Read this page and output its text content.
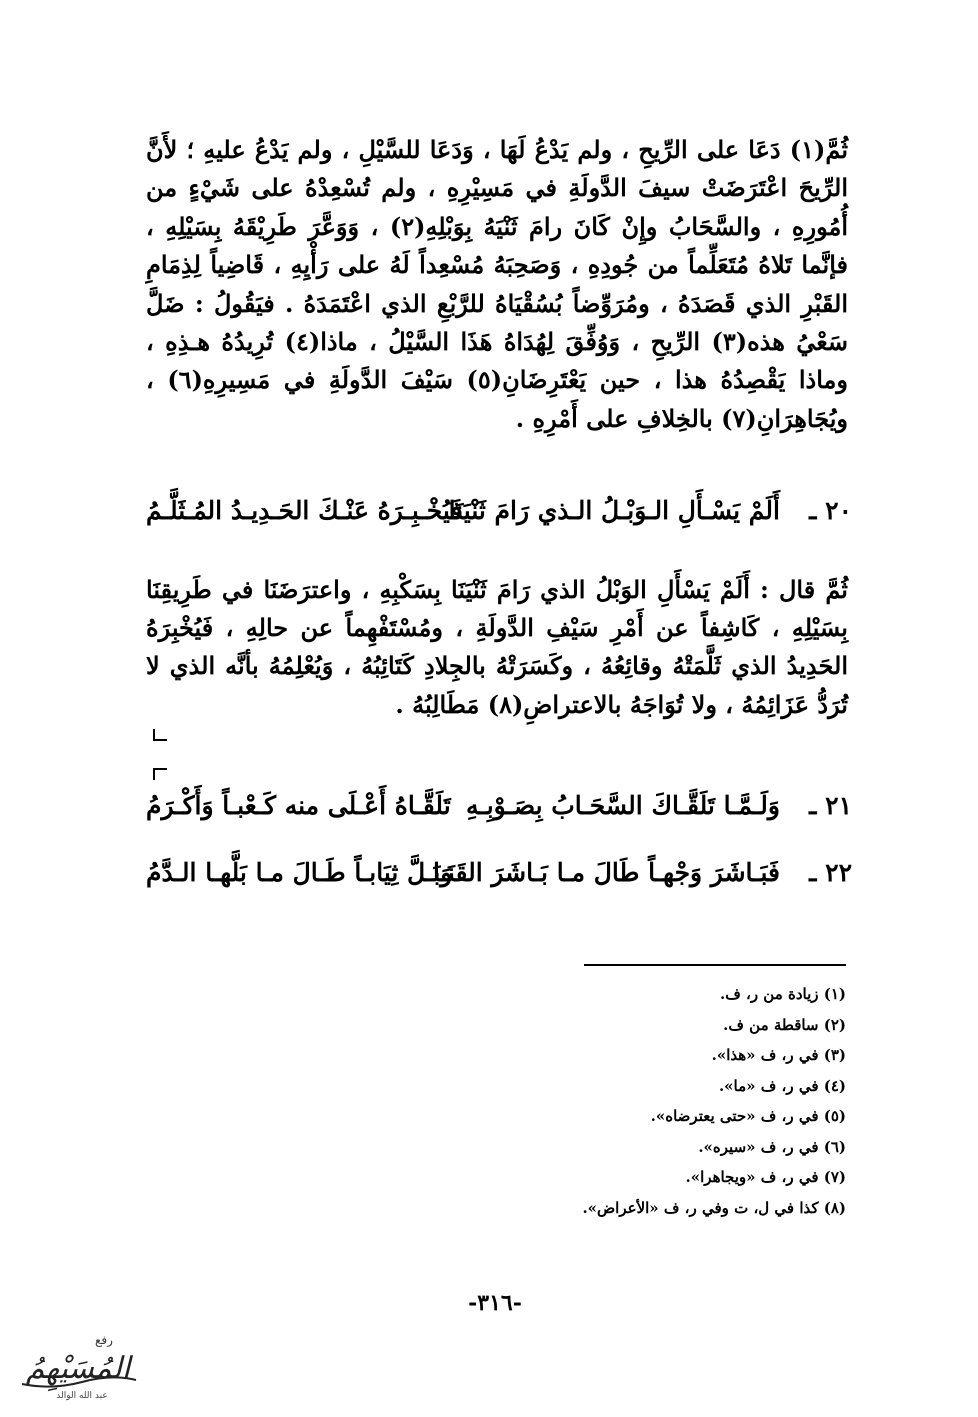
ثُمَّ(١) دَعَا على الرِّيحِ ، ولم يَدْعُ لَهَا ، وَدَعَا للسَّيْلِ ، ولم يَدْعُ عليهِ ؛ لأَنَّ الرِّيحَ اعْتَرَضَتْ سيفَ الدَّولَةِ في مَسِيْرِهِ ، ولم تُسْعِدْهُ على شَيْءٍ من أُمُورِهِ ، والسَّحَابُ وإِنْ كَانَ رامَ ثَنْيَهُ بِوَبْلِهِ(٢) ، وَوَعَّرَ طَرِيْقَهُ بِسَيْلِهِ ، فإنَّما تَلاهُ مُتَعَلِّماً من جُودِهِ ، وَصَحِبَهُ مُسْعِداً لَهُ على رَأْيِهِ ، قَاضِياً لِذِمَامِ القَبْرِ الذي قَصَدَهُ ، ومُرَوِّضاً بُسُقْيَاهُ للرَّبْعِ الذي اعْتَمَدَهُ . فيَقُولُ : ضَلَّ سَعْيُ هذه(٣) الرِّيحِ ، وَوُفِّقَ لِهُدَاهُ هَذَا السَّيْلُ ، ماذا(٤) تُرِيدُهُ هـذِهِ ، وماذا يَقْصِدُهُ هذا ، حين يَعْتَرِضَانِ(٥) سَيْفَ الدَّولَةِ في مَسِيرِهِ(٦) ، ويُجَاهِرَانِ(٧) بالخِلافِ على أَمْرِهِ .

٢٠ ـ
أَلَمْ يَسْـأَلِ الـوَبْـلُ الـذي رَامَ ثَنْيَنَا
فَيُخْـبِـرَهُ عَنْـكَ الحَـدِيـدُ المُـثَلَّـمُ

ثُمَّ قال : أَلَمْ يَسْأَلِ الوَبْلُ الذي رَامَ ثَنْيَنَا بِسَكْبِهِ ، واعترَضَنَا في طَرِيقِنَا بِسَيْلِهِ ، كَاشِفاً عن أَمْرِ سَيْفِ الدَّولَةِ ، ومُسْتَفْهِماً عن حالِهِ ، فَيُخْبِرَهُ الحَدِيدُ الذي ثَلَّمَتْهُ وقائِعُهُ ، وكَسَرَتْهُ بالجِلادِ كَتَائِبُهُ ، وَيُعْلِمُهُ بأنَّه الذي لا تُرَدُّ عَزَائِمُهُ ، ولا تُوَاجَهُ بالاعتراضِ(٨) مَطَالِبُهُ .

٢١ ـ
وَلَـمَّـا تَلَقَّـاكَ السَّحَـابُ بِصَـوْبِـهِ
تَلَقَّـاهُ أَعْـلَى منه كَـعْبـاً وَأَكْـرَمُ
٢٢ ـ
فَبَـاشَرَ وَجْهـاً طَالَ مـا بَـاشَرَ القَنَـا
وَبَـلَّ ثِيَابـاً طَـالَ مـا بَلَّهـا الـدَّمُ
(١) زيادة من ر، ف.
(٢) ساقطة من ف.
(٣) في ر، ف «هذا».
(٤) في ر، ف «ما».
(٥) في ر، ف «حتى يعترضاه».
(٦) في ر، ف «سيره».
(٧) في ر، ف «ويجاهرا».
(٨) كذا في ل، ت وفي ر، ف «الأعراض».
-٣١٦-
رفع
المُسَيْهِمُ
عبد الله الوالد
